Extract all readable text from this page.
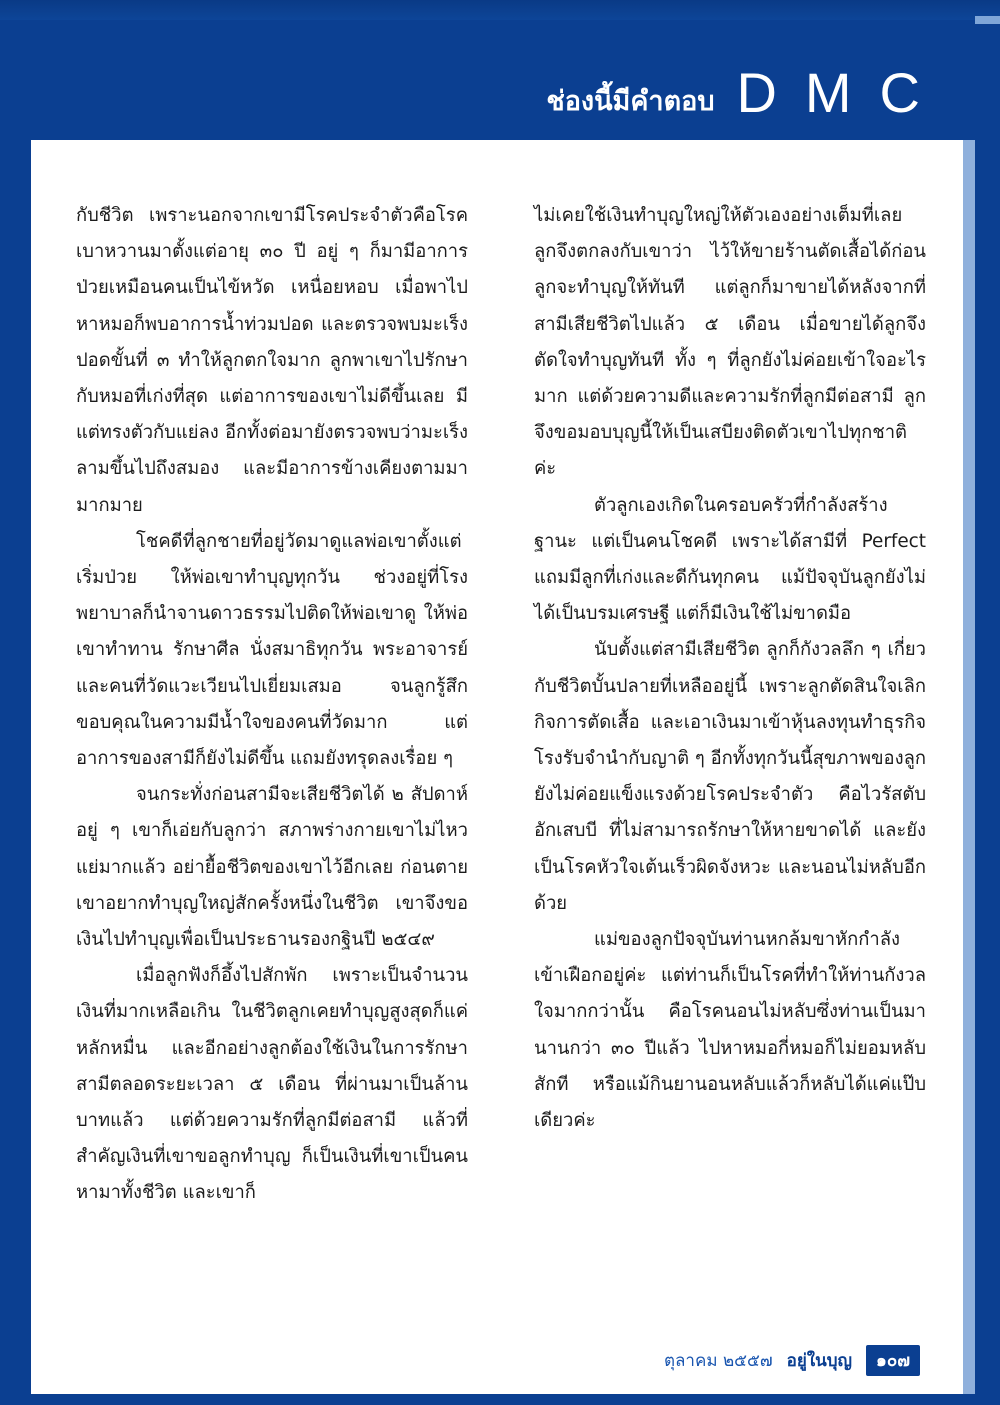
ช่องนี้มีคำตอบ DMC

กับชีวิต เพราะนอกจากเขามีโรคประจำตัวคือโรคเบาหวานมาตั้งแต่อายุ ๓๐ ปี อยู่ ๆ ก็มามีอาการป่วยเหมือนคนเป็นไข้หวัด เหนื่อยหอบ เมื่อพาไปหาหมอก็พบอาการน้ำท่วมปอด และตรวจพบมะเร็งปอดขั้นที่ ๓ ทำให้ลูกตกใจมาก ลูกพาเขาไปรักษากับหมอที่เก่งที่สุด แต่อาการของเขาไม่ดีขึ้นเลย มีแต่ทรงตัวกับแย่ลง อีกทั้งต่อมายังตรวจพบว่ามะเร็งลามขึ้นไปถึงสมอง และมีอาการข้างเคียงตามมามากมาย

โชคดีที่ลูกชายที่อยู่วัดมาดูแลพ่อเขาตั้งแต่เริ่มป่วย ให้พ่อเขาทำบุญทุกวัน ช่วงอยู่ที่โรงพยาบาลก็นำจานดาวธรรมไปติดให้พ่อเขาดู ให้พ่อเขาทำทาน รักษาศีล นั่งสมาธิทุกวัน พระอาจารย์และคนที่วัดแวะเวียนไปเยี่ยมเสมอ จนลูกรู้สึกขอบคุณในความมีน้ำใจของคนที่วัดมาก แต่อาการของสามีก็ยังไม่ดีขึ้น แถมยังทรุดลงเรื่อย ๆ

จนกระทั่งก่อนสามีจะเสียชีวิตได้ ๒ สัปดาห์ อยู่ ๆ เขาก็เอ่ยกับลูกว่า สภาพร่างกายเขาไม่ไหว แย่มากแล้ว อย่ายื้อชีวิตของเขาไว้อีกเลย ก่อนตายเขาอยากทำบุญใหญ่สักครั้งหนึ่งในชีวิต เขาจึงขอเงินไปทำบุญเพื่อเป็นประธานรองกฐินปี ๒๕๔๙

เมื่อลูกฟังก็อึ้งไปสักพัก เพราะเป็นจำนวนเงินที่มากเหลือเกิน ในชีวิตลูกเคยทำบุญสูงสุดก็แค่หลักหมื่น และอีกอย่างลูกต้องใช้เงินในการรักษาสามีตลอดระยะเวลา ๕ เดือน ที่ผ่านมาเป็นล้านบาทแล้ว แต่ด้วยความรักที่ลูกมีต่อสามี แล้วที่สำคัญเงินที่เขาขอลูกทำบุญ ก็เป็นเงินที่เขาเป็นคนหามาทั้งชีวิต และเขาก็

ไม่เคยใช้เงินทำบุญใหญ่ให้ตัวเองอย่างเต็มที่เลย ลูกจึงตกลงกับเขาว่า ไว้ให้ขายร้านตัดเสื้อได้ก่อน ลูกจะทำบุญให้ทันที แต่ลูกก็มาขายได้หลังจากที่สามีเสียชีวิตไปแล้ว ๕ เดือน เมื่อขายได้ลูกจึงตัดใจทำบุญทันที ทั้ง ๆ ที่ลูกยังไม่ค่อยเข้าใจอะไรมาก แต่ด้วยความดีและความรักที่ลูกมีต่อสามี ลูกจึงขอมอบบุญนี้ให้เป็นเสบียงติดตัวเขาไปทุกชาติค่ะ

ตัวลูกเองเกิดในครอบครัวที่กำลังสร้างฐานะ แต่เป็นคนโชคดี เพราะได้สามีที่ Perfect แถมมีลูกที่เก่งและดีกันทุกคน แม้ปัจจุบันลูกยังไม่ได้เป็นบรมเศรษฐี แต่ก็มีเงินใช้ไม่ขาดมือ

นับตั้งแต่สามีเสียชีวิต ลูกก็กังวลลึก ๆ เกี่ยวกับชีวิตบั้นปลายที่เหลืออยู่นี้ เพราะลูกตัดสินใจเลิกกิจการตัดเสื้อ และเอาเงินมาเข้าหุ้นลงทุนทำธุรกิจโรงรับจำนำกับญาติ ๆ อีกทั้งทุกวันนี้สุขภาพของลูกยังไม่ค่อยแข็งแรงด้วยโรคประจำตัว คือไวรัสตับอักเสบบี ที่ไม่สามารถรักษาให้หายขาดได้ และยังเป็นโรคหัวใจเต้นเร็วผิดจังหวะ และนอนไม่หลับอีกด้วย

แม่ของลูกปัจจุบันท่านหกล้มขาหักกำลังเข้าเฝือกอยู่ค่ะ แต่ท่านก็เป็นโรคที่ทำให้ท่านกังวลใจมากกว่านั้น คือโรคนอนไม่หลับซึ่งท่านเป็นมานานกว่า ๓๐ ปีแล้ว ไปหาหมอกี่หมอก็ไม่ยอมหลับสักที หรือแม้กินยานอนหลับแล้วก็หลับได้แค่แป๊บเดียวค่ะ

ตุลาคม ๒๕๕๗ อยู่ในบุญ	๑๐๗
